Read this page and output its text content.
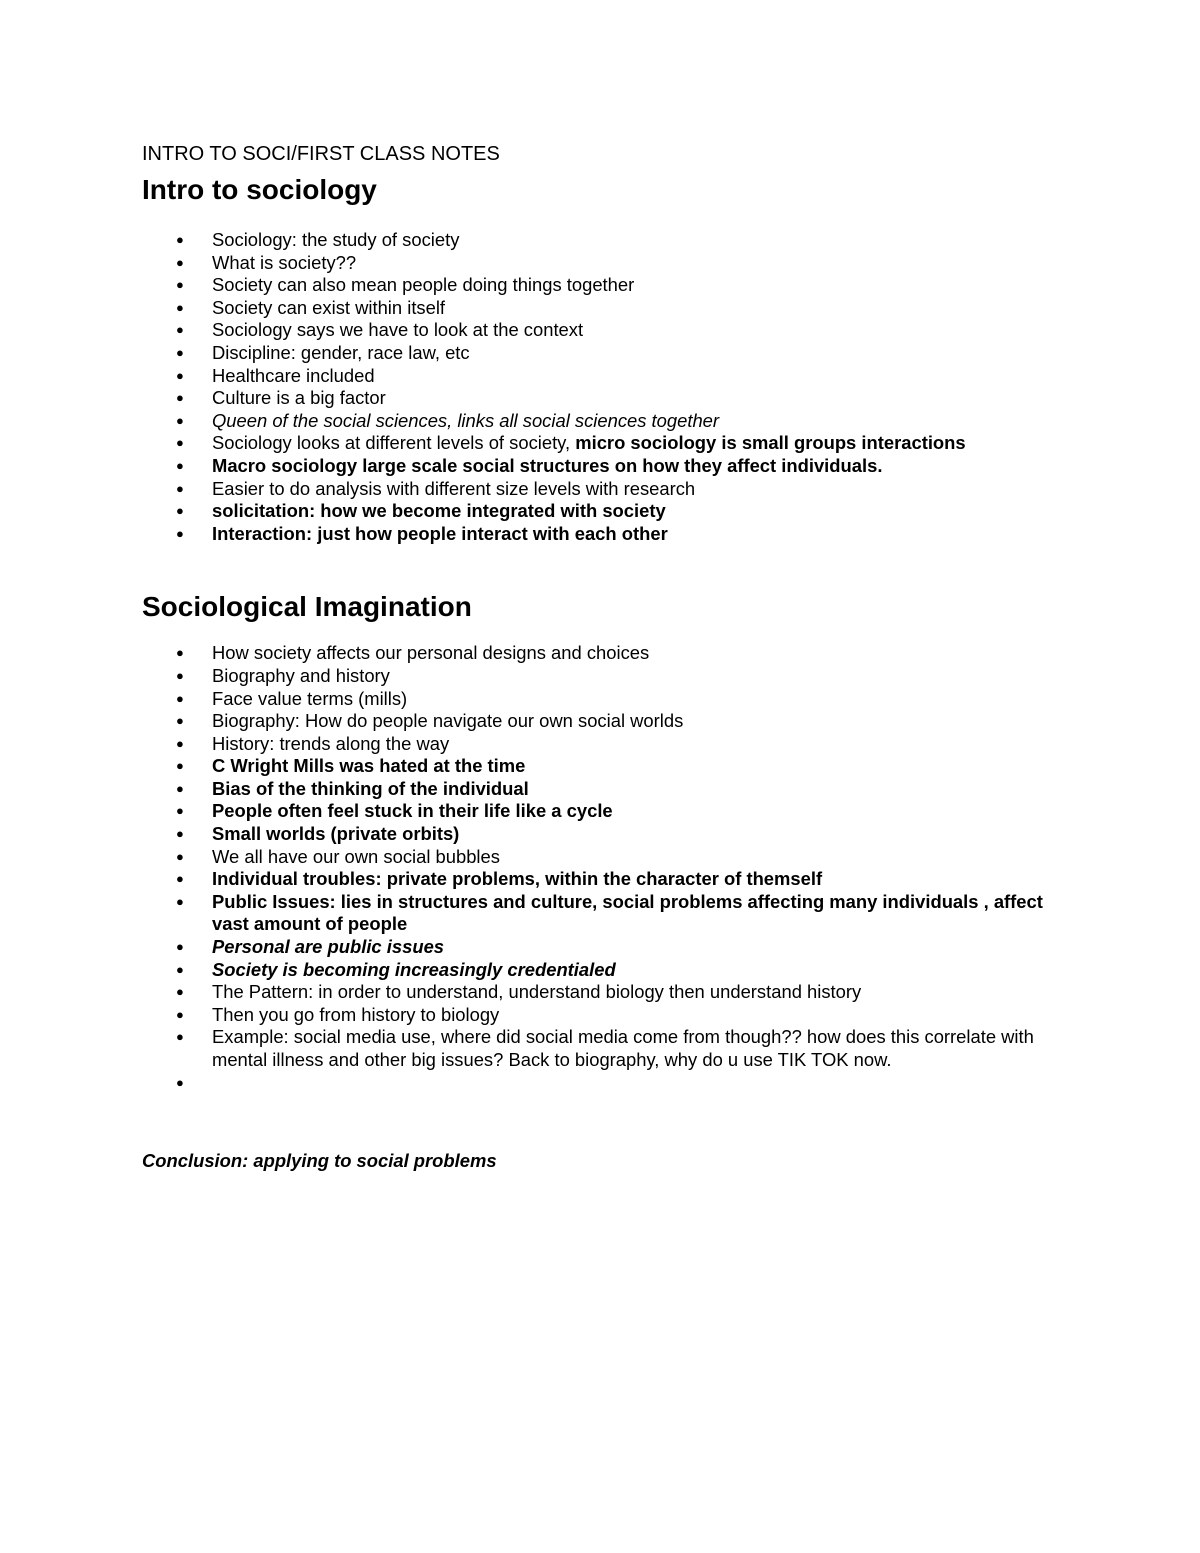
INTRO TO SOCI/FIRST CLASS NOTES

Intro to sociology
● Sociology: the study of society
● What is society??
● Society can also mean people doing things together
● Society can exist within itself
● Sociology says we have to look at the context
● Discipline: gender, race law, etc
● Healthcare included
● Culture is a big factor
● Queen of the social sciences, links all social sciences together
● Sociology looks at different levels of society, micro sociology is small groups interactions
● Macro sociology large scale social structures on how they affect individuals.
● Easier to do analysis with different size levels with research
● solicitation: how we become integrated with society
● Interaction: just how people interact with each other
Sociological Imagination
● How society affects our personal designs and choices
● Biography and history
● Face value terms (mills)
● Biography: How do people navigate our own social worlds
● History: trends along the way
● C Wright Mills was hated at the time
● Bias of the thinking of the individual
● People often feel stuck in their life like a cycle
● Small worlds (private orbits)
● We all have our own social bubbles
● Individual troubles: private problems, within the character of themself
● Public Issues: lies in structures and culture, social problems affecting many individuals , affect vast amount of people
● Personal are public issues
● Society is becoming increasingly credentialed
● The Pattern: in order to understand, understand biology then understand history
● Then you go from history to biology
● Example: social media use, where did social media come from though?? how does this correlate with mental illness and other big issues? Back to biography, why do u use TIK TOK now.
●

Conclusion: applying to social problems
